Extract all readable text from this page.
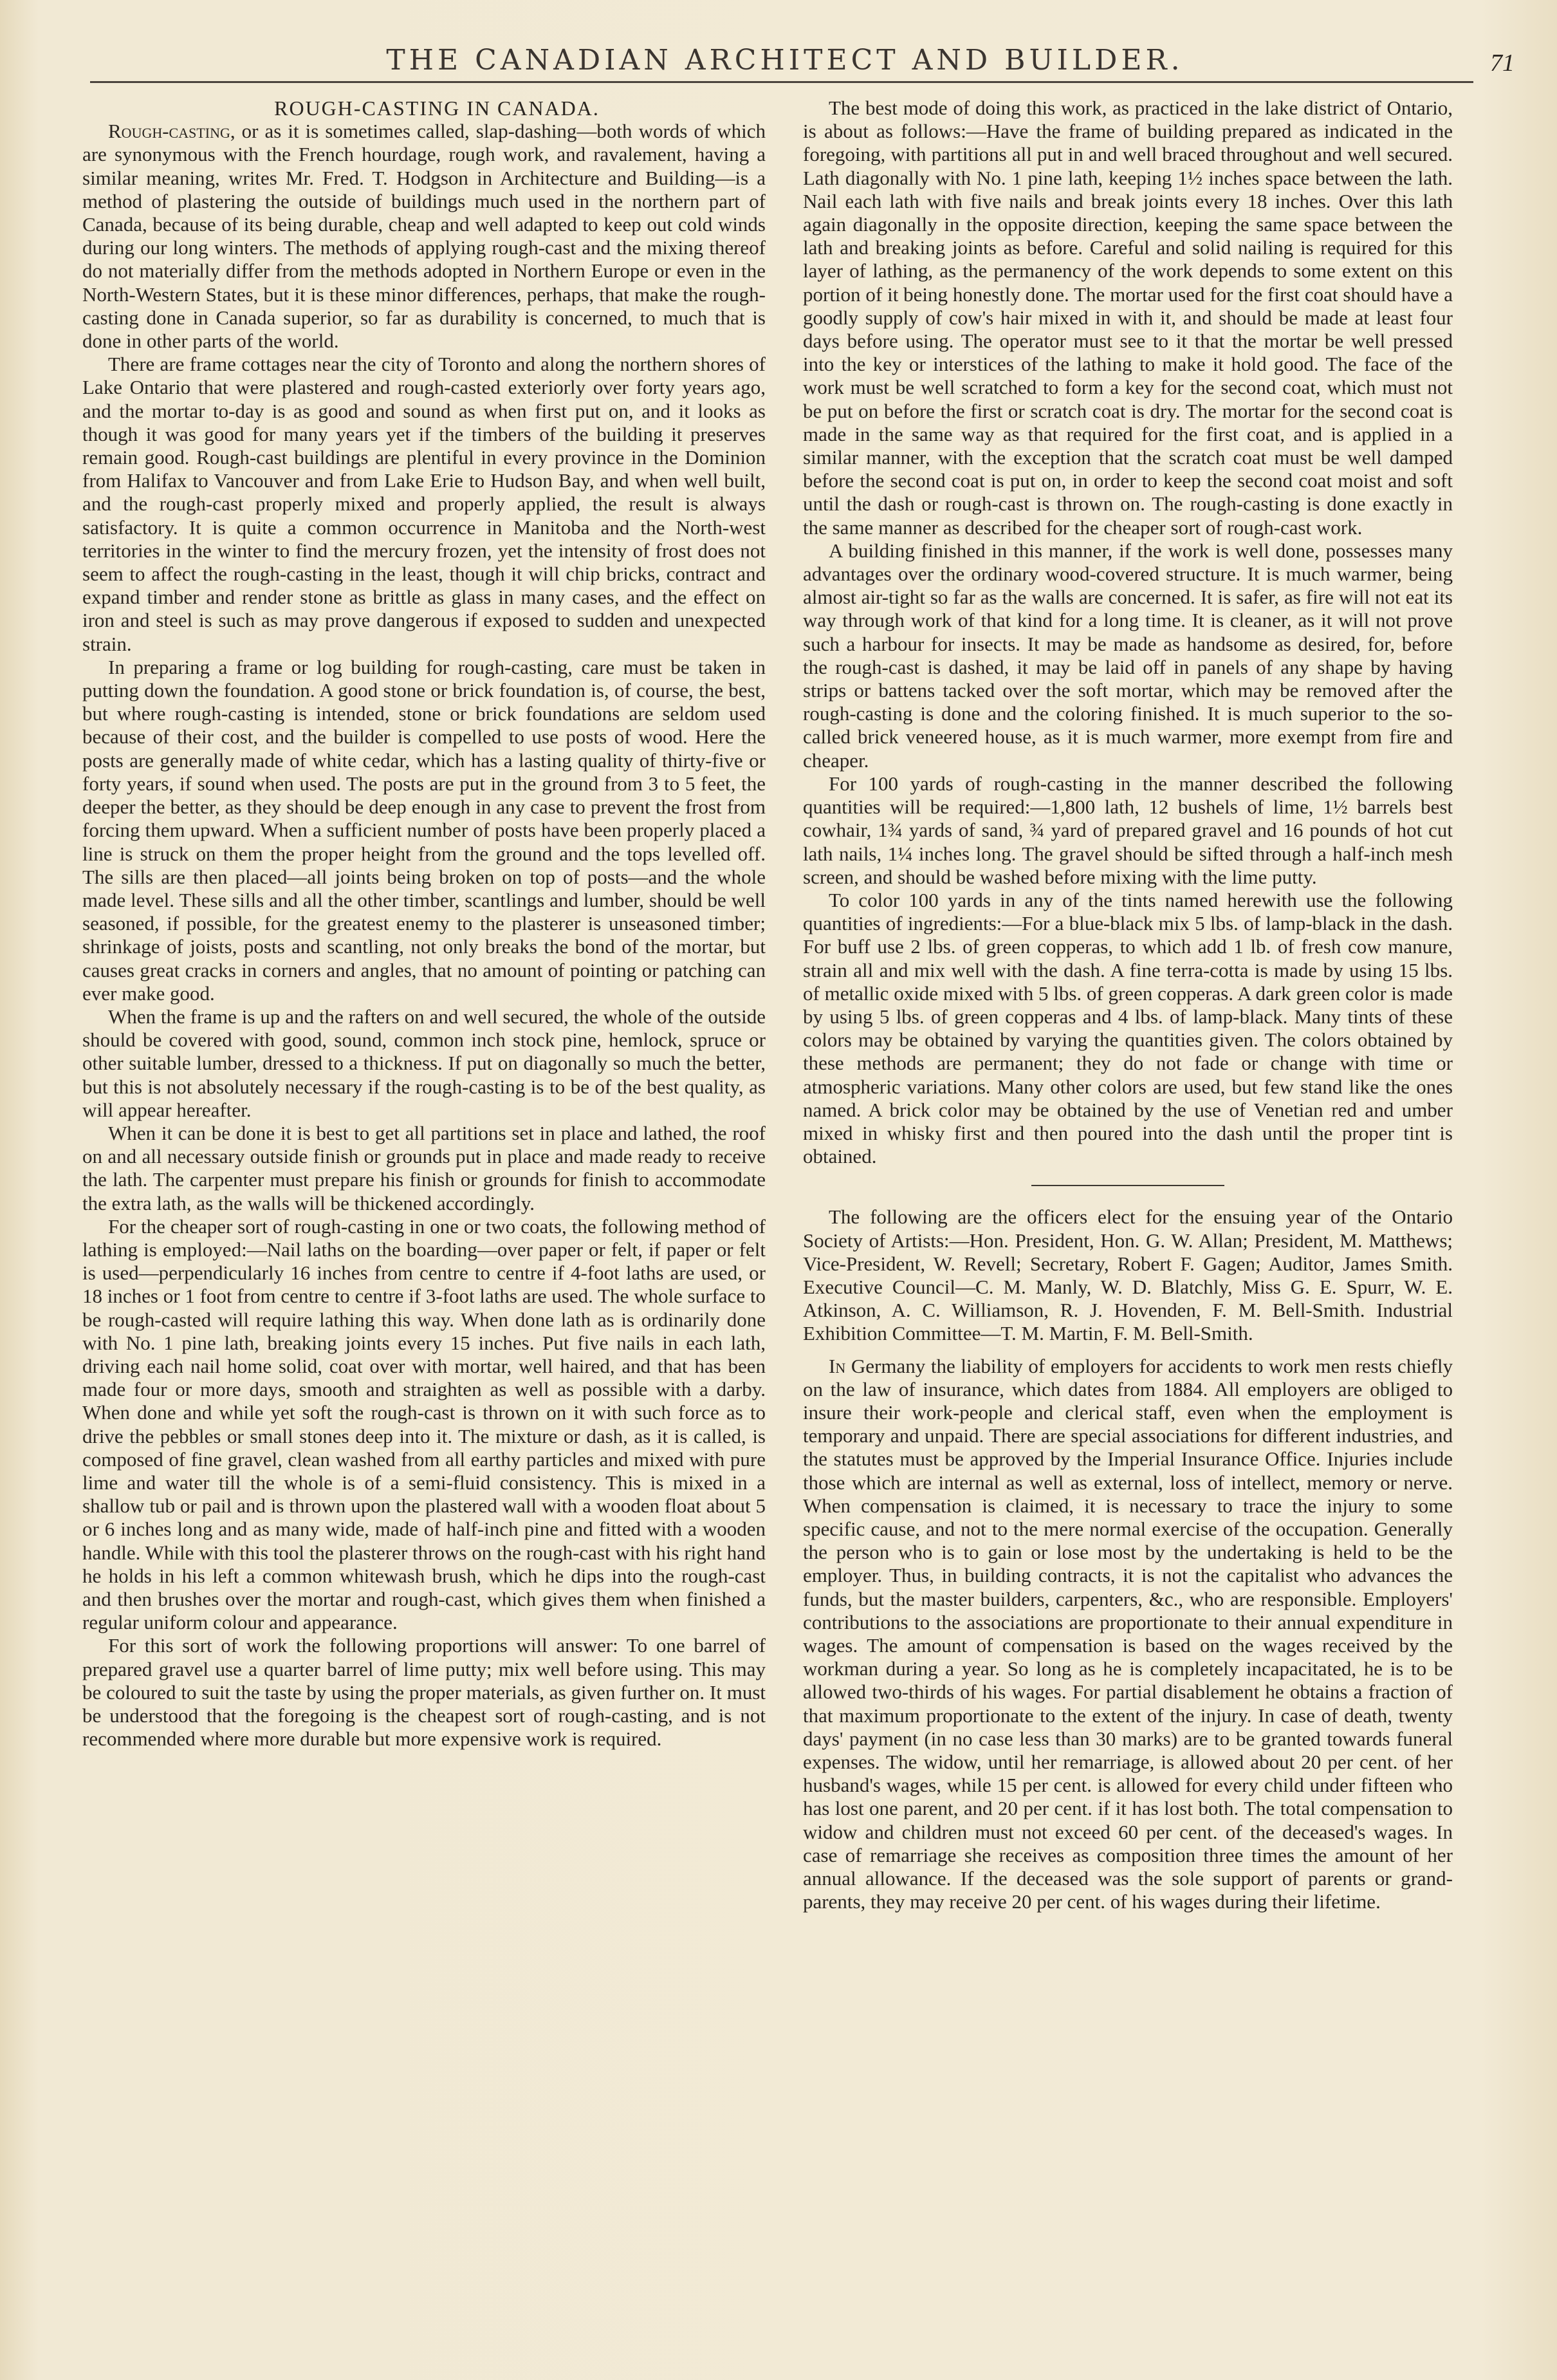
THE CANADIAN ARCHITECT AND BUILDER.	71

ROUGH-CASTING IN CANADA.

Rough-casting, or as it is sometimes called, slap-dashing—both words of which are synonymous with the French hourdage, rough work, and ravalement, having a similar meaning, writes Mr. Fred. T. Hodgson in Architecture and Building—is a method of plastering the outside of buildings much used in the northern part of Canada, because of its being durable, cheap and well adapted to keep out cold winds during our long winters. The methods of applying rough-cast and the mixing thereof do not materially differ from the methods adopted in Northern Europe or even in the North-Western States, but it is these minor differences, perhaps, that make the rough-casting done in Canada superior, so far as durability is concerned, to much that is done in other parts of the world.

There are frame cottages near the city of Toronto and along the northern shores of Lake Ontario that were plastered and rough-casted exteriorly over forty years ago, and the mortar to-day is as good and sound as when first put on, and it looks as though it was good for many years yet if the timbers of the building it preserves remain good. Rough-cast buildings are plentiful in every province in the Dominion from Halifax to Vancouver and from Lake Erie to Hudson Bay, and when well built, and the rough-cast properly mixed and properly applied, the result is always satisfactory. It is quite a common occurrence in Manitoba and the North-west territories in the winter to find the mercury frozen, yet the intensity of frost does not seem to affect the rough-casting in the least, though it will chip bricks, contract and expand timber and render stone as brittle as glass in many cases, and the effect on iron and steel is such as may prove dangerous if exposed to sudden and unexpected strain.

In preparing a frame or log building for rough-casting, care must be taken in putting down the foundation. A good stone or brick foundation is, of course, the best, but where rough-casting is intended, stone or brick foundations are seldom used because of their cost, and the builder is compelled to use posts of wood. Here the posts are generally made of white cedar, which has a lasting quality of thirty-five or forty years, if sound when used. The posts are put in the ground from 3 to 5 feet, the deeper the better, as they should be deep enough in any case to prevent the frost from forcing them upward. When a sufficient number of posts have been properly placed a line is struck on them the proper height from the ground and the tops levelled off. The sills are then placed—all joints being broken on top of posts—and the whole made level. These sills and all the other timber, scantlings and lumber, should be well seasoned, if possible, for the greatest enemy to the plasterer is unseasoned timber; shrinkage of joists, posts and scantling, not only breaks the bond of the mortar, but causes great cracks in corners and angles, that no amount of pointing or patching can ever make good.

When the frame is up and the rafters on and well secured, the whole of the outside should be covered with good, sound, common inch stock pine, hemlock, spruce or other suitable lumber, dressed to a thickness. If put on diagonally so much the better, but this is not absolutely necessary if the rough-casting is to be of the best quality, as will appear hereafter.

When it can be done it is best to get all partitions set in place and lathed, the roof on and all necessary outside finish or grounds put in place and made ready to receive the lath. The carpenter must prepare his finish or grounds for finish to accommodate the extra lath, as the walls will be thickened accordingly.

For the cheaper sort of rough-casting in one or two coats, the following method of lathing is employed:—Nail laths on the boarding—over paper or felt, if paper or felt is used—perpendicularly 16 inches from centre to centre if 4-foot laths are used, or 18 inches or 1 foot from centre to centre if 3-foot laths are used. The whole surface to be rough-casted will require lathing this way. When done lath as is ordinarily done with No. 1 pine lath, breaking joints every 15 inches. Put five nails in each lath, driving each nail home solid, coat over with mortar, well haired, and that has been made four or more days, smooth and straighten as well as possible with a darby. When done and while yet soft the rough-cast is thrown on it with such force as to drive the pebbles or small stones deep into it. The mixture or dash, as it is called, is composed of fine gravel, clean washed from all earthy particles and mixed with pure lime and water till the whole is of a semi-fluid consistency. This is mixed in a shallow tub or pail and is thrown upon the plastered wall with a wooden float about 5 or 6 inches long and as many wide, made of half-inch pine and fitted with a wooden handle. While with this tool the plasterer throws on the rough-cast with his right hand he holds in his left a common whitewash brush, which he dips into the rough-cast and then brushes over the mortar and rough-cast, which gives them when finished a regular uniform colour and appearance.

For this sort of work the following proportions will answer: To one barrel of prepared gravel use a quarter barrel of lime putty; mix well before using. This may be coloured to suit the taste by using the proper materials, as given further on. It must be understood that the foregoing is the cheapest sort of rough-casting, and is not recommended where more durable but more expensive work is required.

The best mode of doing this work, as practiced in the lake district of Ontario, is about as follows:—Have the frame of building prepared as indicated in the foregoing, with partitions all put in and well braced throughout and well secured. Lath diagonally with No. 1 pine lath, keeping 1½ inches space between the lath. Nail each lath with five nails and break joints every 18 inches. Over this lath again diagonally in the opposite direction, keeping the same space between the lath and breaking joints as before. Careful and solid nailing is required for this layer of lathing, as the permanency of the work depends to some extent on this portion of it being honestly done. The mortar used for the first coat should have a goodly supply of cow's hair mixed in with it, and should be made at least four days before using. The operator must see to it that the mortar be well pressed into the key or interstices of the lathing to make it hold good. The face of the work must be well scratched to form a key for the second coat, which must not be put on before the first or scratch coat is dry. The mortar for the second coat is made in the same way as that required for the first coat, and is applied in a similar manner, with the exception that the scratch coat must be well damped before the second coat is put on, in order to keep the second coat moist and soft until the dash or rough-cast is thrown on. The rough-casting is done exactly in the same manner as described for the cheaper sort of rough-cast work.

A building finished in this manner, if the work is well done, possesses many advantages over the ordinary wood-covered structure. It is much warmer, being almost air-tight so far as the walls are concerned. It is safer, as fire will not eat its way through work of that kind for a long time. It is cleaner, as it will not prove such a harbour for insects. It may be made as handsome as desired, for, before the rough-cast is dashed, it may be laid off in panels of any shape by having strips or battens tacked over the soft mortar, which may be removed after the rough-casting is done and the coloring finished. It is much superior to the so-called brick veneered house, as it is much warmer, more exempt from fire and cheaper.

For 100 yards of rough-casting in the manner described the following quantities will be required:—1,800 lath, 12 bushels of lime, 1½ barrels best cowhair, 1¾ yards of sand, ¾ yard of prepared gravel and 16 pounds of hot cut lath nails, 1¼ inches long. The gravel should be sifted through a half-inch mesh screen, and should be washed before mixing with the lime putty.

To color 100 yards in any of the tints named herewith use the following quantities of ingredients:—For a blue-black mix 5 lbs. of lamp-black in the dash. For buff use 2 lbs. of green copperas, to which add 1 lb. of fresh cow manure, strain all and mix well with the dash. A fine terra-cotta is made by using 15 lbs. of metallic oxide mixed with 5 lbs. of green copperas. A dark green color is made by using 5 lbs. of green copperas and 4 lbs. of lamp-black. Many tints of these colors may be obtained by varying the quantities given. The colors obtained by these methods are permanent; they do not fade or change with time or atmospheric variations. Many other colors are used, but few stand like the ones named. A brick color may be obtained by the use of Venetian red and umber mixed in whisky first and then poured into the dash until the proper tint is obtained.

The following are the officers elect for the ensuing year of the Ontario Society of Artists:—Hon. President, Hon. G. W. Allan; President, M. Matthews; Vice-President, W. Revell; Secretary, Robert F. Gagen; Auditor, James Smith. Executive Council—C. M. Manly, W. D. Blatchly, Miss G. E. Spurr, W. E. Atkinson, A. C. Williamson, R. J. Hovenden, F. M. Bell-Smith. Industrial Exhibition Committee—T. M. Martin, F. M. Bell-Smith.

In Germany the liability of employers for accidents to work men rests chiefly on the law of insurance, which dates from 1884. All employers are obliged to insure their work-people and clerical staff, even when the employment is temporary and unpaid. There are special associations for different industries, and the statutes must be approved by the Imperial Insurance Office. Injuries include those which are internal as well as external, loss of intellect, memory or nerve. When compensation is claimed, it is necessary to trace the injury to some specific cause, and not to the mere normal exercise of the occupation. Generally the person who is to gain or lose most by the undertaking is held to be the employer. Thus, in building contracts, it is not the capitalist who advances the funds, but the master builders, carpenters, &c., who are responsible. Employers' contributions to the associations are proportionate to their annual expenditure in wages. The amount of compensation is based on the wages received by the workman during a year. So long as he is completely incapacitated, he is to be allowed two-thirds of his wages. For partial disablement he obtains a fraction of that maximum proportionate to the extent of the injury. In case of death, twenty days' payment (in no case less than 30 marks) are to be granted towards funeral expenses. The widow, until her remarriage, is allowed about 20 per cent. of her husband's wages, while 15 per cent. is allowed for every child under fifteen who has lost one parent, and 20 per cent. if it has lost both. The total compensation to widow and children must not exceed 60 per cent. of the deceased's wages. In case of remarriage she receives as composition three times the amount of her annual allowance. If the deceased was the sole support of parents or grand-parents, they may receive 20 per cent. of his wages during their lifetime.
